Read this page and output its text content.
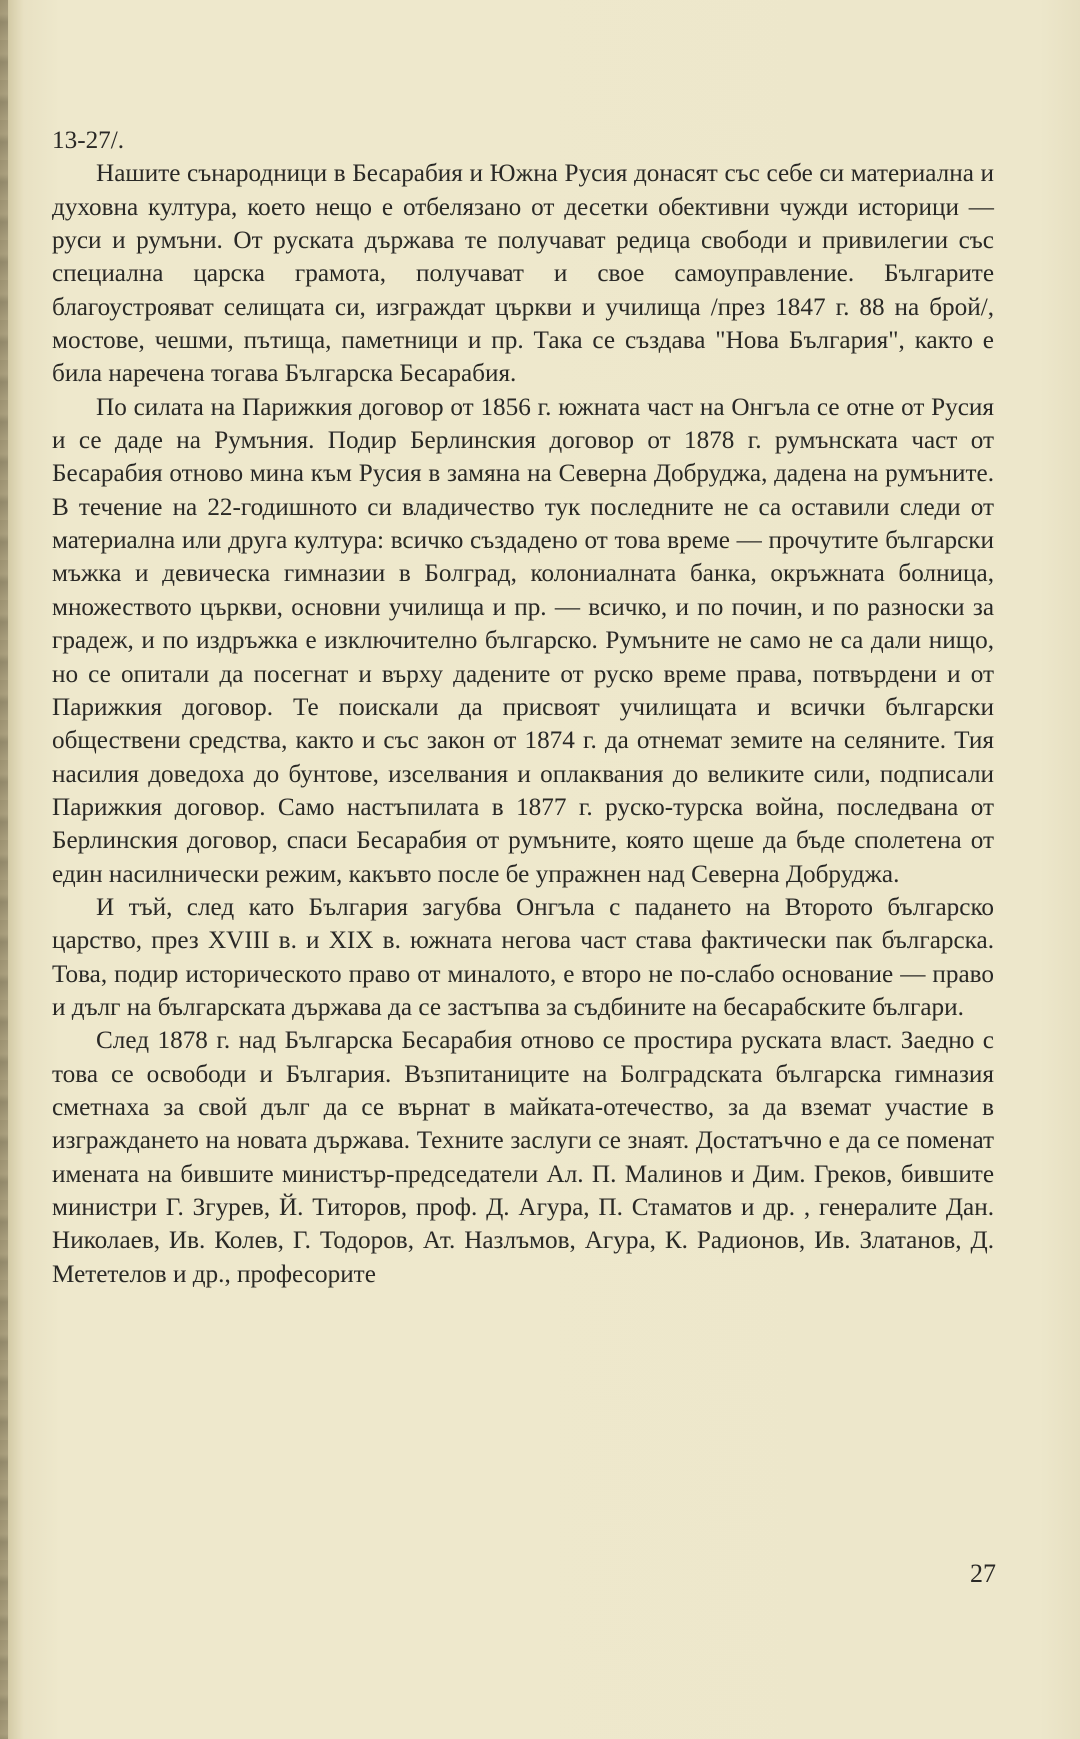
13-27/.

Нашите сънародници в Бесарабия и Южна Русия донасят със себе си материална и духовна култура, което нещо е отбелязано от десетки обективни чужди историци — руси и румъни. От руската държава те получават редица свободи и привилегии със специална царска грамота, получават и свое самоуправление. Българите благоустрояват селищата си, изграждат църкви и училища /през 1847 г. 88 на брой/, мостове, чешми, пътища, паметници и пр. Така се създава "Нова България", както е била наречена тогава Българска Бесарабия.

По силата на Парижкия договор от 1856 г. южната част на Онгъла се отне от Русия и се даде на Румъния. Подир Берлинския договор от 1878 г. румънската част от Бесарабия отново мина към Русия в замяна на Северна Добруджа, дадена на румъните. В течение на 22-годишното си владичество тук последните не са оставили следи от материална или друга култура: всичко създадено от това време — прочутите български мъжка и девическа гимназии в Болград, колониалната банка, окръжната болница, множеството църкви, основни училища и пр. — всичко, и по почин, и по разноски за градеж, и по издръжка е изключително българско. Румъните не само не са дали нищо, но се опитали да посегнат и върху дадените от руско време права, потвърдени и от Парижкия договор. Те поискали да присвоят училищата и всички български обществени средства, както и със закон от 1874 г. да отнемат земите на селяните. Тия насилия доведоха до бунтове, изселвания и оплаквания до великите сили, подписали Парижкия договор. Само настъпилата в 1877 г. руско-турска война, последвана от Берлинския договор, спаси Бесарабия от румъните, която щеше да бъде сполетена от един насилнически режим, какъвто после бе упражнен над Северна Добруджа.

И тъй, след като България загубва Онгъла с падането на Второто българско царство, през XVIII в. и XIX в. южната негова част става фактически пак българска. Това, подир историческото право от миналото, е второ не по-слабо основание — право и дълг на българската държава да се застъпва за съдбините на бесарабските българи.

След 1878 г. над Българска Бесарабия отново се простира руската власт. Заедно с това се освободи и България. Възпитаниците на Болградската българска гимназия сметнаха за свой дълг да се върнат в майката-отечество, за да вземат участие в изграждането на новата държава. Техните заслуги се знаят. Достатъчно е да се поменат имената на бившите министър-председатели Ал. П. Малинов и Дим. Греков, бившите министри Г. Згурев, Й. Титоров, проф. Д. Агура, П. Стаматов и др. , генералите Дан. Николаев, Ив. Колев, Г. Тодоров, Ат. Назлъмов, Агура, К. Радионов, Ив. Златанов, Д. Мететелов и др., професорите

27
